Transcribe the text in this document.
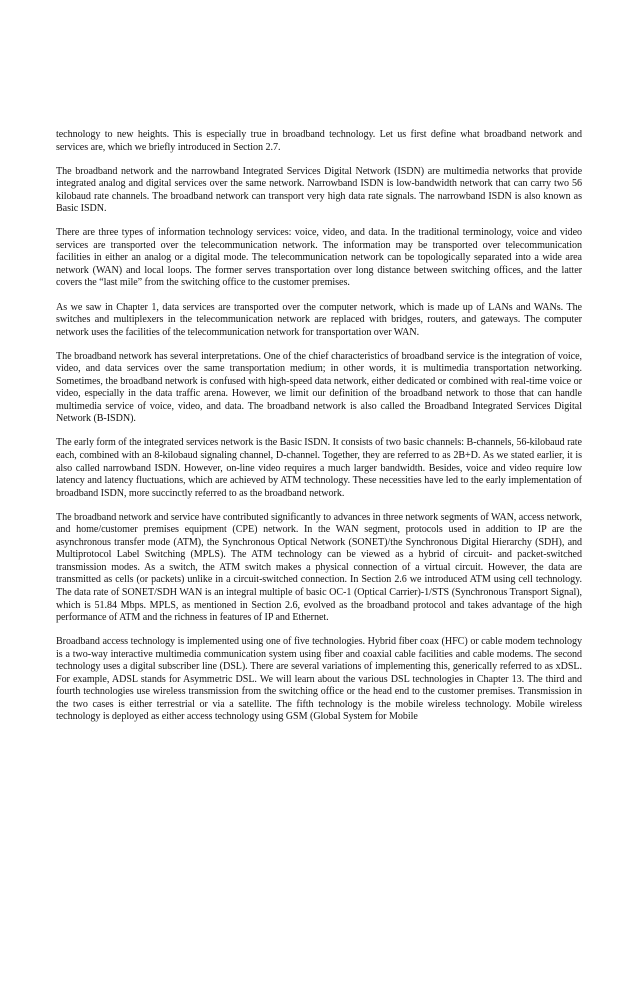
technology to new heights. This is especially true in broadband technology. Let us first define what broadband network and services are, which we briefly introduced in Section 2.7.

The broadband network and the narrowband Integrated Services Digital Network (ISDN) are multimedia networks that provide integrated analog and digital services over the same network. Narrowband ISDN is low-bandwidth network that can carry two 56 kilobaud rate channels. The broadband network can transport very high data rate signals. The narrowband ISDN is also known as Basic ISDN.

There are three types of information technology services: voice, video, and data. In the traditional terminology, voice and video services are transported over the telecommunication network. The information may be transported over telecommunication facilities in either an analog or a digital mode. The telecommunication network can be topologically separated into a wide area network (WAN) and local loops. The former serves transportation over long distance between switching offices, and the latter covers the “last mile” from the switching office to the customer premises.

As we saw in Chapter 1, data services are transported over the computer network, which is made up of LANs and WANs. The switches and multiplexers in the telecommunication network are replaced with bridges, routers, and gateways. The computer network uses the facilities of the telecommunication network for transportation over WAN.

The broadband network has several interpretations. One of the chief characteristics of broadband service is the integration of voice, video, and data services over the same transportation medium; in other words, it is multimedia transportation networking. Sometimes, the broadband network is confused with high-speed data network, either dedicated or combined with real-time voice or video, especially in the data traffic arena. However, we limit our definition of the broadband network to those that can handle multimedia service of voice, video, and data. The broadband network is also called the Broadband Integrated Services Digital Network (B-ISDN).

The early form of the integrated services network is the Basic ISDN. It consists of two basic channels: B-channels, 56-kilobaud rate each, combined with an 8-kilobaud signaling channel, D-channel. Together, they are referred to as 2B+D. As we stated earlier, it is also called narrowband ISDN. However, on-line video requires a much larger bandwidth. Besides, voice and video require low latency and latency fluctuations, which are achieved by ATM technology. These necessities have led to the early implementation of broadband ISDN, more succinctly referred to as the broadband network.

The broadband network and service have contributed significantly to advances in three network segments of WAN, access network, and home/customer premises equipment (CPE) network. In the WAN segment, protocols used in addition to IP are the asynchronous transfer mode (ATM), the Synchronous Optical Network (SONET)/the Synchronous Digital Hierarchy (SDH), and Multiprotocol Label Switching (MPLS). The ATM technology can be viewed as a hybrid of circuit- and packet-switched transmission modes. As a switch, the ATM switch makes a physical connection of a virtual circuit. However, the data are transmitted as cells (or packets) unlike in a circuit-switched connection. In Section 2.6 we introduced ATM using cell technology. The data rate of SONET/SDH WAN is an integral multiple of basic OC-1 (Optical Carrier)-1/STS (Synchronous Transport Signal), which is 51.84 Mbps. MPLS, as mentioned in Section 2.6, evolved as the broadband protocol and takes advantage of the high performance of ATM and the richness in features of IP and Ethernet.

Broadband access technology is implemented using one of five technologies. Hybrid fiber coax (HFC) or cable modem technology is a two-way interactive multimedia communication system using fiber and coaxial cable facilities and cable modems. The second technology uses a digital subscriber line (DSL). There are several variations of implementing this, generically referred to as xDSL. For example, ADSL stands for Asymmetric DSL. We will learn about the various DSL technologies in Chapter 13. The third and fourth technologies use wireless transmission from the switching office or the head end to the customer premises. Transmission in the two cases is either terrestrial or via a satellite. The fifth technology is the mobile wireless technology. Mobile wireless technology is deployed as either access technology using GSM (Global System for Mobile
